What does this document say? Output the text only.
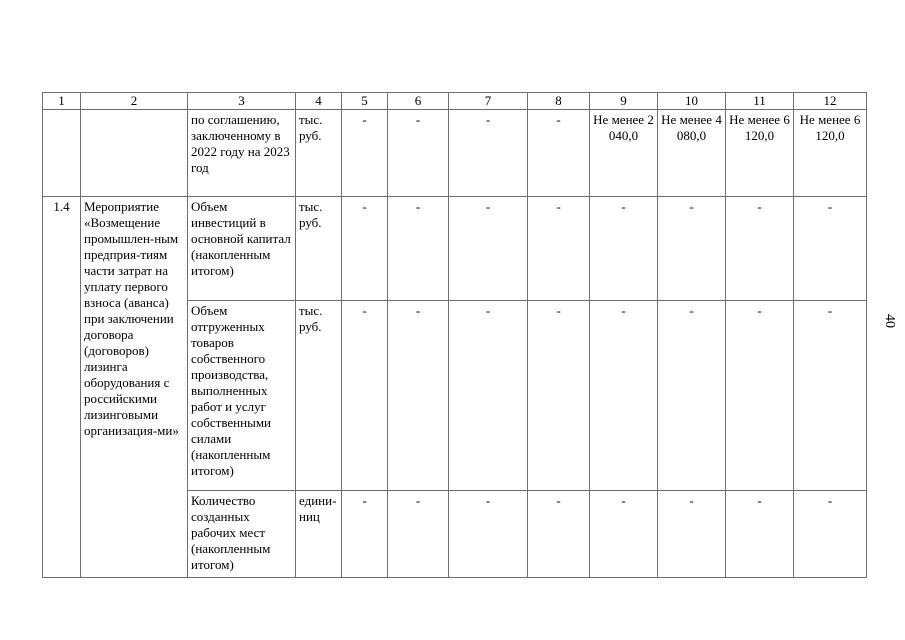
40
1	2	3	4	5	6	7	8	9	10	11	12
		по соглашению, заключенному в 2022 году на 2023 год	тыс. руб.	-	-	-	-	Не менее 2 040,0	Не менее 4 080,0	Не менее 6 120,0	Не менее 6 120,0
1.4	Мероприятие «Возмещение промышлен-ным предприя-тиям части затрат на уплату первого взноса (аванса) при заключении договора (договоров) лизинга оборудования с российскими лизинговыми организация-ми»	Объем инвестиций в основной капитал (накопленным итогом)	тыс. руб.	-	-	-	-	-	-	-	-
		Объем отгруженных товаров собственного производства, выполненных работ и услуг собственными силами (накопленным итогом)	тыс. руб.	-	-	-	-	-	-	-	-
		Количество созданных рабочих мест (накопленным итогом)	едини-ниц	-	-	-	-	-	-	-	-
